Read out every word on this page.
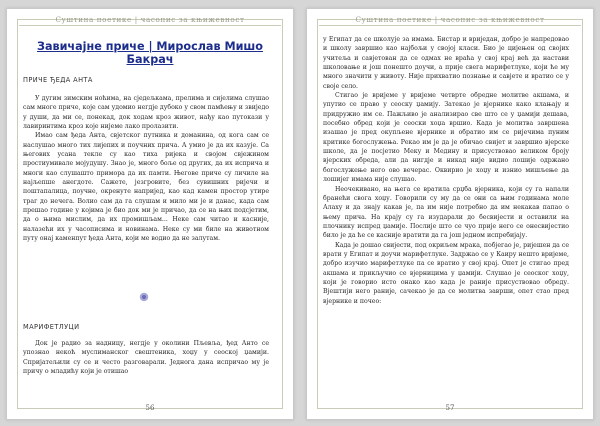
Суштина поетике | часопис за књижевност
Завичајне приче | Мирослав Мишо Бакрач
ПРИЧЕ ЂЕДА АНТА

У дугим зимским ноћима, на сједељкама, прелима и сијелима слушао сам многе приче, које сам удомио негдје дубоко у свом памћењу и звиједо у души, да ми се, понекад, док ходам кроз живот, нађу као путокази у лавиринтима кроз које нијеме лако пролазити.

Имао сам ђеда Анта, свјетског путника и доманина, од кога сам се наслушао много тих лијепих и поучних прича. А умио је да их казује. Са његових усана текле су као тиха ријека и својом свјежином простиумивале мојудушу. Знао је, много боље од других, да их исприча и многи као слушашто примора да их памти. Његове приче су личиле на најљепше анегдоте. Сажете, језгровите, без сувишних ријечи и поштапалица, поучне, окренуте напријед, као кад камен простор утире траг до нечега. Волио сам да га слушам и мило ми је и данас, када сам прешао године у којима је био док ми је причао, да се на њих подсјетим, да о њима мислим, да их промишљам... Неке сам читао и касније, налазећи их у часописима и новинама. Неке су ми биле на животном путу онај каменпут ђеда Анта, који ме водио да не залутам.

МАРИФЕТЛУЦИ

Док је радио за надницу, негдје у околини Пљевља, ђед Анто се упознао некоћ муслиманског свештеника, хоџу у сеоској џамији. Спријатељили су се и често разговарали. Једнога дана испричао му је причу о младићу који је отишао

56
Суштина поетике | часопис за књижевност

у Египат да се школује за имама. Бистар и вриједан, добро је напредовао и школу завршио као најбољи у својој класи. Био је цијењен од својих учитеља и савјетован да се одмах не враћа у свој крај већ да настави школовање и још понешто доучи, а прије свега марифетлуке, који ће му много значити у животу. Није прихватио познање и савјете и вратио се у своје село.

Стигао је вријеме у вријеме четврте обредне молитве акшама, и упутио се право у сеоску џамију. Затекао је вјернике како клањају и придружио им се. Пажљиво је анализирао све што се у џамији дешава, посебно обред који је сеоски хоџа вршио. Када је молитва завршена изашао је пред окупљене вјернике и обратио им се ријечима пуним критике богослужења. Рекао им је да је обичао свијет и завршио вјерске школе, да је посјетио Меку и Медину и присуствовао великом броју вјерских обреда, али да нигдје и никад није видио лошије одржано богослужење него ово вечерас. Оквирио је хоџу и изнио мишљење да лошијег имама није слушао.

Неочекивано, на њега се вратила срџба вјерника, који су га напали бранећи свога хоџу. Говорили су му да се они са њим годинама моле Алаху и да знају какав је, па им није потребно да им некакав папао о њему прича. На крају су га изударали до бесвијести и оставили на плочнику испред џамије. Послије што се чуо прије него се онесвијестио било је да ће се касније вратити да га још једном испребијају.

Када је дошао свијести, под окриљем мрака, побјегао је, ријешен да се врати у Египат и доучи марифетлуке. Задржао се у Каиру нешто вријеме, добро изучио марифетлуке па се вратио у свој крај. Опет је стигао пред акшама и прикључио се вјерницима у џамији. Слушао је сеоског хоџу, који је говорио исто онако као када је раније присуствовао обреду. Вјештији него раније, сачекао је да се молитва заврши, опет стао пред вјернике и почео:

57
